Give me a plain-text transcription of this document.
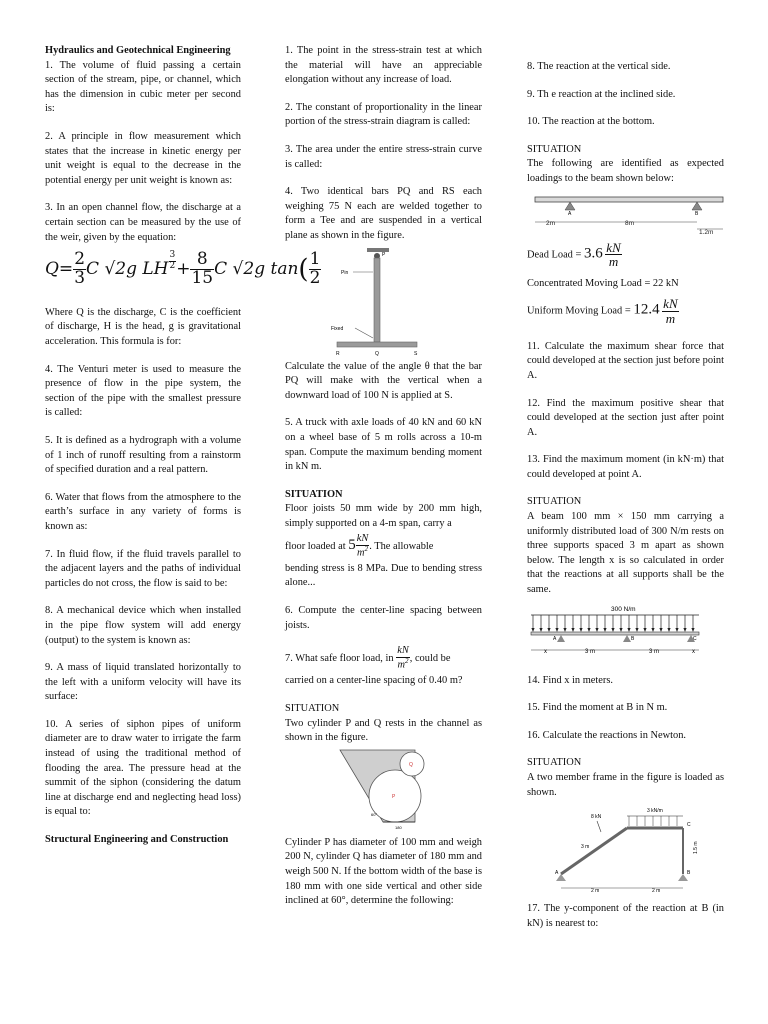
Hydraulics and Geotechnical Engineering

1. The volume of fluid passing a certain section of the stream, pipe, or channel, which has the dimension in cubic meter per second is:

2. A principle in flow measurement which states that the increase in kinetic energy per unit weight is equal to the decrease in the potential energy per unit weight is known as:

3. In an open channel flow, the discharge at a certain section can be measured by the use of the weir, given by the equation:

$Q= \frac{2}{3}$ C √2g LH $\frac{3}{2} + \frac{8}{15}$ C √2g $\tan( \frac{1}{2}$

Where Q is the discharge, C is the coefficient of discharge, H is the head, g is gravitational acceleration. This formula is for:

4. The Venturi meter is used to measure the presence of flow in the pipe system, the section of the pipe with the smallest pressure is called:

5. It is defined as a hydrograph with a volume of 1 inch of runoff resulting from a rainstorm of specified duration and a real pattern.

6. Water that flows from the atmosphere to the earth’s surface in any variety of forms is known as:

7. In fluid flow, if the fluid travels parallel to the adjacent layers and the paths of individual particles do not cross, the flow is said to be:

8. A mechanical device which when installed in the pipe flow system will add energy (output) to the system is known as:

9. A mass of liquid translated horizontally to the left with a uniform velocity will have its surface:

10. A series of siphon pipes of uniform diameter are to draw water to irrigate the farm instead of using the traditional method of flooding the area. The pressure head at the summit of the siphon (considering the datum line at discharge end and neglecting head loss) is equal to:

Structural Engineering and Construction

1. The point in the stress-strain test at which the material will have an appreciable elongation without any increase of load.

2. The constant of proportionality in the linear portion of the stress-strain diagram is called:

3. The area under the entire stress-strain curve is called:

4. Two identical bars PQ and RS each weighing 75 N each are welded together to form a Tee and are suspended in a vertical plane as shown in the figure.

Pin
P
Fixed
R	Q	S

Calculate the value of the angle θ that the bar PQ will make with the vertical when a downward load of 100 N is applied at S.

5. A truck with axle loads of 40 kN and 60 kN on a wheel base of 5 m rolls across a 10-m span. Compute the maximum bending moment in kN m.

SITUATION

Floor joists 50 mm wide by 200 mm high, simply supported on a 4-m span, carry a

floor loaded at $5 \frac{kN}{m^2}$ . The allowable

bending stress is 8 MPa. Due to bending stress alone...

6. Compute the center-line spacing between joists.

7. What safe floor load, in $\frac{kN}{m^2}$ , could be

carried on a center-line spacing of 0.40 m?

SITUATION

Two cylinder P and Q rests in the channel as shown in the figure.

Q
P
60°
180

Cylinder P has diameter of 100 mm and weigh 200 N, cylinder Q has diameter of 180 mm and weigh 500 N. If the bottom width of the base is 180 mm with one side vertical and other side inclined at 60°, determine the following:

8. The reaction at the vertical side.

9. Th e reaction at the inclined side.

10. The reaction at the bottom.

SITUATION

The following are identified as expected loadings to the beam shown below:

A	B
2m	8m
1.2m
Dead Load = $3.6 \frac{kN}{m}$

Concentrated Moving Load = 22 kN

Uniform Moving Load = $12.4 \frac{kN}{m}$

11. Calculate the maximum shear force that could developed at the section just before point A.

12. Find the maximum positive shear that could developed at the section just after point A.

13. Find the maximum moment (in kN·m) that could developed at point A.

SITUATION

A beam 100 mm × 150 mm carrying a uniformly distributed load of 300 N/m rests on three supports spaced 3 m apart as shown below. The length x is so calculated in order that the reactions at all supports shall be the same.

300 N/m
A	B	C
x	3 m	3 m	x

14. Find x in meters.

15. Find the moment at B in N m.

16. Calculate the reactions in Newton.

SITUATION

A two member frame in the figure is loaded as shown.

3 kN/m
8 kN
A	B
C
3 m	1.5 m
2 m	2 m

17. The y-component of the reaction at B (in kN) is nearest to:
